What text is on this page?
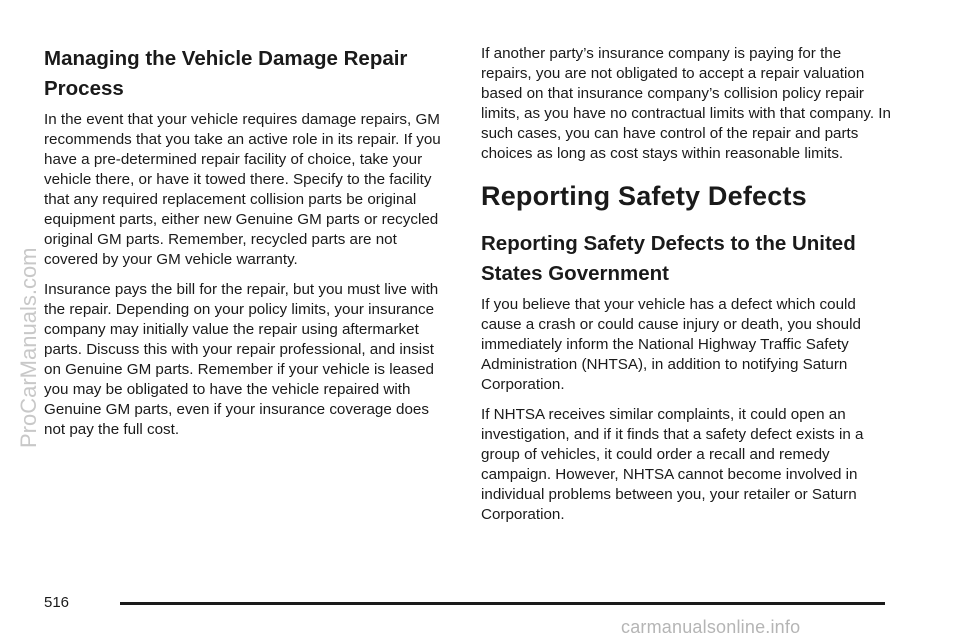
Managing the Vehicle Damage Repair Process

In the event that your vehicle requires damage repairs, GM recommends that you take an active role in its repair. If you have a pre-determined repair facility of choice, take your vehicle there, or have it towed there. Specify to the facility that any required replacement collision parts be original equipment parts, either new Genuine GM parts or recycled original GM parts. Remember, recycled parts are not covered by your GM vehicle warranty.

Insurance pays the bill for the repair, but you must live with the repair. Depending on your policy limits, your insurance company may initially value the repair using aftermarket parts. Discuss this with your repair professional, and insist on Genuine GM parts. Remember if your vehicle is leased you may be obligated to have the vehicle repaired with Genuine GM parts, even if your insurance coverage does not pay the full cost.

If another party’s insurance company is paying for the repairs, you are not obligated to accept a repair valuation based on that insurance company’s collision policy repair limits, as you have no contractual limits with that company. In such cases, you can have control of the repair and parts choices as long as cost stays within reasonable limits.

Reporting Safety Defects
Reporting Safety Defects to the United States Government

If you believe that your vehicle has a defect which could cause a crash or could cause injury or death, you should immediately inform the National Highway Traffic Safety Administration (NHTSA), in addition to notifying Saturn Corporation.

If NHTSA receives similar complaints, it could open an investigation, and if it finds that a safety defect exists in a group of vehicles, it could order a recall and remedy campaign. However, NHTSA cannot become involved in individual problems between you, your retailer or Saturn Corporation.

ProCarManuals.com
516
carmanualsonline.info
